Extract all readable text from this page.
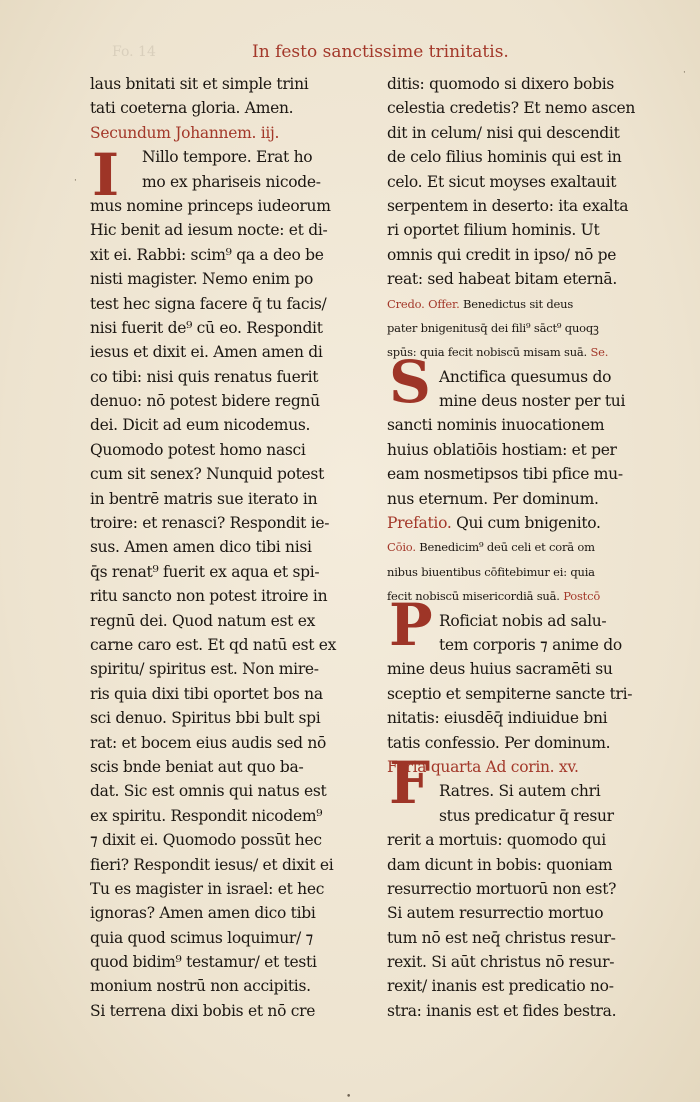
Fo. 14	In festo sanctissime trinitatis.
laus bnitati sit et simple trini
tati coeterna gloria. Amen.
Secundum Johannem. iij.
Nillo tempore. Erat ho
mo ex phariseis nicode-
mus nomine princeps iudeorum
Hic benit ad iesum nocte: et di-
xit ei. Rabbi: scim⁹ qa a deo be
nisti magister. Nemo enim po
test hec signa facere q̄ tu facis/
nisi fuerit de⁹ cū eo. Respondit
iesus et dixit ei. Amen amen di
co tibi: nisi quis renatus fuerit
denuo: nō potest bidere regnū
dei. Dicit ad eum nicodemus.
Quomodo potest homo nasci
cum sit senex? Nunquid potest
in bentrē matris sue iterato in
troire: et renasci? Respondit ie-
sus. Amen amen dico tibi nisi
q̄s renat⁹ fuerit ex aqua et spi-
ritu sancto non potest itroire in
regnū dei. Quod natum est ex
carne caro est. Et qd natū est ex
spiritu/ spiritus est. Non mire-
ris quia dixi tibi oportet bos na
sci denuo. Spiritus bbi bult spi
rat: et bocem eius audis sed nō
scis bnde beniat aut quo ba-
dat. Sic est omnis qui natus est
ex spiritu. Respondit nicodem⁹
⁊ dixit ei. Quomodo possūt hec
fieri? Respondit iesus/ et dixit ei
Tu es magister in israel: et hec
ignoras? Amen amen dico tibi
quia quod scimus loquimur/ ⁊
quod bidim⁹ testamur/ et testi
monium nostrū non accipitis.
Si terrena dixi bobis et nō cre
ditis: quomodo si dixero bobis
celestia credetis? Et nemo ascen
dit in celum/ nisi qui descendit
de celo filius hominis qui est in
celo. Et sicut moyses exaltauit
serpentem in deserto: ita exalta
ri oportet filium hominis. Ut
omnis qui credit in ipso/ nō pe
reat: sed habeat bitam eternā.
Credo. Offer. Benedictus sit deus
pater bnigenitusq̄ dei fili⁹ sāct⁹ quoqꝫ
spūs: quia fecit nobiscū misam suā. Se.
Anctifica quesumus do
mine deus noster per tui
sancti nominis inuocationem
huius oblatiōis hostiam: et per
eam nosmetipsos tibi pfice mu-
nus eternum. Per dominum.
Prefatio. Qui cum bnigenito.
Cōio. Benedicim⁹ deū celi et corā om
nibus biuentibus cōfitebimur ei: quia
fecit nobiscū misericordiā suā. Postcō
Roficiat nobis ad salu-
tem corporis ⁊ anime do
mine deus huius sacramēti su
sceptio et sempiterne sancte tri-
nitatis: eiusdēq̄ indiuidue bni
tatis confessio. Per dominum.
Feria quarta Ad corin. xv.
Ratres. Si autem chri
stus predicatur q̄ resur
rerit a mortuis: quomodo qui
dam dicunt in bobis: quoniam
resurrectio mortuorū non est?
Si autem resurrectio mortuo
tum nō est neq̄ christus resur-
rexit. Si aūt christus nō resur-
rexit/ inanis est predicatio no-
stra: inanis est et fides bestra.
I
S
P
F
·
·
•
